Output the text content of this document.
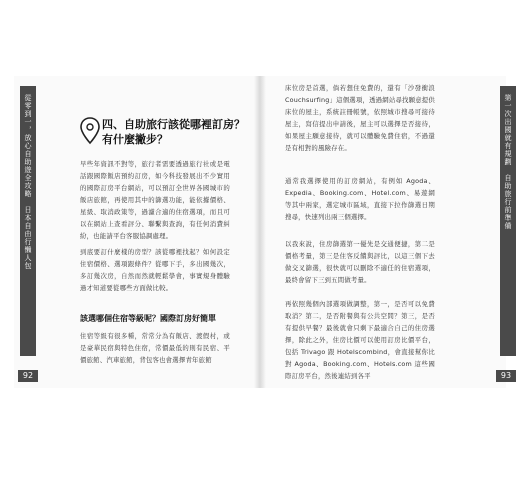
從零到一，放心自助遊全攻略　日本自由行懶人包
92
第一次出國就有規劃　自助旅行前準備
93
四、自助旅行該從哪裡訂房？
有什麼撇步？
早些年資訊不對等，旅行者需要透過旅行社或是電話跟國際飯店預約訂房，如今科技發展出不少實用的國際訂房平台網站，可以預訂全世界各國城市的飯店旅館，再使用其中的篩選功能，能依據價格、星級、取消政策等，過濾合適的住宿選項，而且可以在網站上查看評分、聯繫與查詢，有任何消費糾紛，也能請平台客服協調處理。
到底要訂什麼樣的房型？該從哪裡找起？如何設定住宿價格、選項跟條件？從哪下手，多出國幾次，多訂幾次房，自然而然就輕鬆學會，事實規身體驗過才知道要從哪些方面做比較。
該選哪個住宿等級呢？國際訂房好簡單
住宿等級有很多種，常常分為有飯店、渡假村，或是豪華民宿與特色住宿，常價最低的則有民宿、平價旅館、汽車旅館，背包客也會選擇青年旅館
床位房是首選，倘若想住免費的，還有「沙發衝浪 Couchsurfing」這個選項，透過網站尋找願意提供床位的屋主，系統註冊帳號，依照城市搜尋可接待屋主，寫信提出申請後，屋主可以選擇是否接待，如果屋主願意接待，就可以體驗免費住宿，不過還是有相對的風險存在。
通常我選擇使用的訂房網站，有例如 Agoda、Expedia、Booking.com、Hotel.com、易遊網等其中兩家，選定城市區域，直接下拉作篩選日期搜尋，快速列出兩三個選擇。
以我來說，住房篩選第一優先是交通便捷，第二是價格考量，第三是住客反饋與評比，以這三個下去做交叉篩選，很快就可以刪除不適任的住宿選項，最終會留下三到五間做考量。
再依照幾個內部選項做調整，第一，是否可以免費取消？第二，是否附餐與有公共空間？第三，是否有提供早餐？最後就會只剩下最適合自己的住房選擇，除此之外，住房比價可以使用訂房比價平台，包括 Trivago 跟 Hotelscombind，會直接幫你比對 Agoda、Booking.com、Hotels.com 這些國際訂房平台，然後連結到各平
